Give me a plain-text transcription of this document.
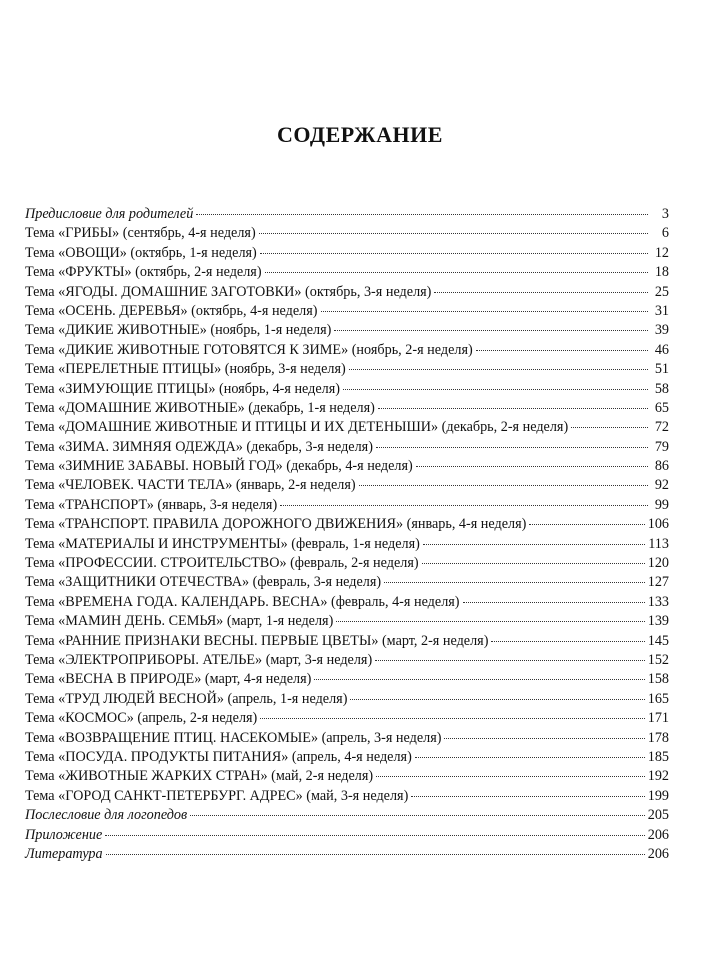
СОДЕРЖАНИЕ
Предисловие для родителей	3
Тема «ГРИБЫ» (сентябрь, 4-я неделя)	6
Тема «ОВОЩИ» (октябрь, 1-я неделя)	12
Тема «ФРУКТЫ» (октябрь, 2-я неделя)	18
Тема «ЯГОДЫ. ДОМАШНИЕ ЗАГОТОВКИ» (октябрь, 3-я неделя)	25
Тема «ОСЕНЬ. ДЕРЕВЬЯ» (октябрь, 4-я неделя)	31
Тема «ДИКИЕ ЖИВОТНЫЕ» (ноябрь, 1-я неделя)	39
Тема «ДИКИЕ ЖИВОТНЫЕ ГОТОВЯТСЯ К ЗИМЕ» (ноябрь, 2-я неделя)	46
Тема «ПЕРЕЛЕТНЫЕ ПТИЦЫ» (ноябрь, 3-я неделя)	51
Тема «ЗИМУЮЩИЕ ПТИЦЫ» (ноябрь, 4-я неделя)	58
Тема «ДОМАШНИЕ ЖИВОТНЫЕ» (декабрь, 1-я неделя)	65
Тема «ДОМАШНИЕ ЖИВОТНЫЕ И ПТИЦЫ И ИХ ДЕТЕНЫШИ» (декабрь, 2-я неделя)	72
Тема «ЗИМА. ЗИМНЯЯ ОДЕЖДА» (декабрь, 3-я неделя)	79
Тема «ЗИМНИЕ ЗАБАВЫ. НОВЫЙ ГОД» (декабрь, 4-я неделя)	86
Тема «ЧЕЛОВЕК. ЧАСТИ ТЕЛА» (январь, 2-я неделя)	92
Тема «ТРАНСПОРТ» (январь, 3-я неделя)	99
Тема «ТРАНСПОРТ. ПРАВИЛА ДОРОЖНОГО ДВИЖЕНИЯ» (январь, 4-я неделя)	106
Тема «МАТЕРИАЛЫ И ИНСТРУМЕНТЫ» (февраль, 1-я неделя)	113
Тема «ПРОФЕССИИ. СТРОИТЕЛЬСТВО» (февраль, 2-я неделя)	120
Тема «ЗАЩИТНИКИ ОТЕЧЕСТВА» (февраль, 3-я неделя)	127
Тема «ВРЕМЕНА ГОДА. КАЛЕНДАРЬ. ВЕСНА» (февраль, 4-я неделя)	133
Тема «МАМИН ДЕНЬ. СЕМЬЯ» (март, 1-я неделя)	139
Тема «РАННИЕ ПРИЗНАКИ ВЕСНЫ. ПЕРВЫЕ ЦВЕТЫ» (март, 2-я неделя)	145
Тема «ЭЛЕКТРОПРИБОРЫ. АТЕЛЬЕ» (март, 3-я неделя)	152
Тема «ВЕСНА В ПРИРОДЕ» (март, 4-я неделя)	158
Тема «ТРУД ЛЮДЕЙ ВЕСНОЙ» (апрель, 1-я неделя)	165
Тема «КОСМОС» (апрель, 2-я неделя)	171
Тема «ВОЗВРАЩЕНИЕ ПТИЦ. НАСЕКОМЫЕ» (апрель, 3-я неделя)	178
Тема «ПОСУДА. ПРОДУКТЫ ПИТАНИЯ» (апрель, 4-я неделя)	185
Тема «ЖИВОТНЫЕ ЖАРКИХ СТРАН» (май, 2-я неделя)	192
Тема «ГОРОД САНКТ-ПЕТЕРБУРГ. АДРЕС» (май, 3-я неделя)	199
Послесловие для логопедов	205
Приложение	206
Литература	206
